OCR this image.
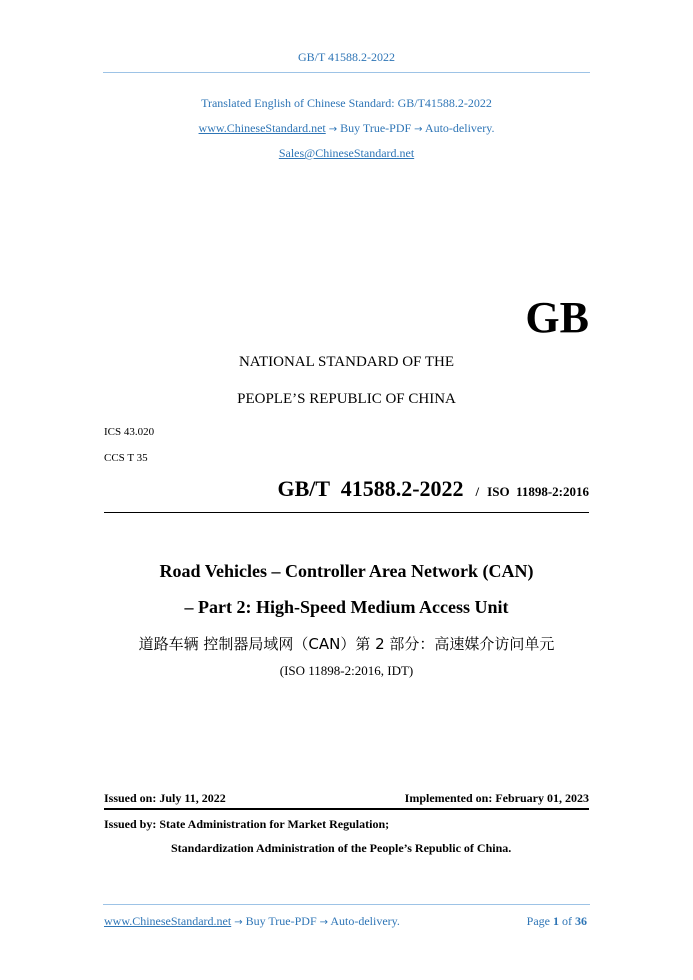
GB/T 41588.2-2022
Translated English of Chinese Standard: GB/T41588.2-2022
www.ChineseStandard.net → Buy True-PDF → Auto-delivery.
Sales@ChineseStandard.net
GB
NATIONAL STANDARD OF THE
PEOPLE’S REPUBLIC OF CHINA
ICS 43.020
CCS T 35
GB/T  41588.2-2022 / ISO  11898-2:2016
Road Vehicles – Controller Area Network (CAN)
– Part 2: High-Speed Medium Access Unit
道路车辆 控制器局域网（CAN）第 2 部分：高速媒介访问单元
(ISO 11898-2:2016, IDT)
Issued on: July 11, 2022	Implemented on: February 01, 2023
Issued by: State Administration for Market Regulation;
Standardization Administration of the People’s Republic of China.
www.ChineseStandard.net → Buy True-PDF → Auto-delivery.	Page 1 of 36
